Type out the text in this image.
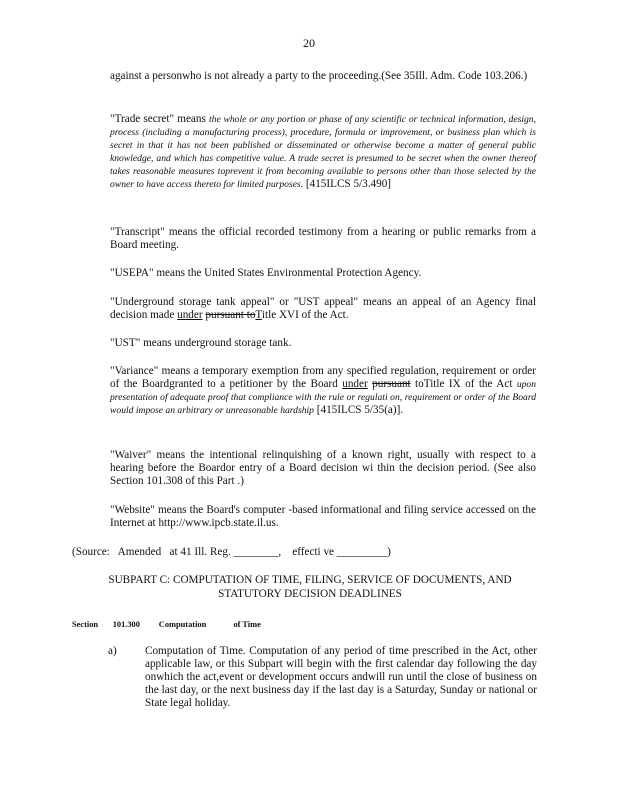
20

against a personwho is not already a party to the proceeding.(See 35Ill. Adm. Code 103.206.)

"Trade secret" means the whole or any portion or phase of any scientific or technical information, design, process (including a manufacturing process), procedure, formula or improvement, or business plan which is secret in that it has not been published or disseminated or otherwise become a matter of general public knowledge, and which has competitive value. A trade secret is presumed to be secret when the owner thereof takes reasonable measures toprevent it from becoming available to persons other than those selected by the owner to have access thereto for limited purposes. [415ILCS 5/3.490]

"Transcript" means the official recorded testimony from a hearing or public remarks from a Board meeting.

"USEPA" means the United States Environmental Protection Agency.

"Underground storage tank appeal" or "UST appeal" means an appeal of an Agency final decision made under pursuant toTitle XVI of the Act.

"UST" means underground storage tank.

"Variance" means a temporary exemption from any specified regulation, requirement or order of the Boardgranted to a petitioner by the Board under pursuant toTitle IX of the Act upon presentation of adequate proof that compliance with the rule or regulati on, requirement or order of the Board would impose an arbitrary or unreasonable hardship [415ILCS 5/35(a)].

"Waiver" means the intentional relinquishing of a known right, usually with respect to a hearing before the Boardor entry of a Board decision wi thin the decision period. (See also Section 101.308 of this Part .)

"Website" means the Board's computer -based informational and filing service accessed on the Internet at http://www.ipcb.state.il.us.

(Source:   Amended   at 41 Ill. Reg. ________,    effecti ve _________)
SUBPART C: COMPUTATION OF TIME, FILING, SERVICE OF DOCUMENTS, AND
STATUTORY DECISION DEADLINES
Section       101.300         Computation             of Time
a)	Computation of Time. Computation of any period of time prescribed in the Act, other applicable law, or this Subpart will begin with the first calendar day following the day onwhich the act,event or development occurs andwill run until the close of business on the last day, or the next business day if the last day is a Saturday, Sunday or national or State legal holiday.
